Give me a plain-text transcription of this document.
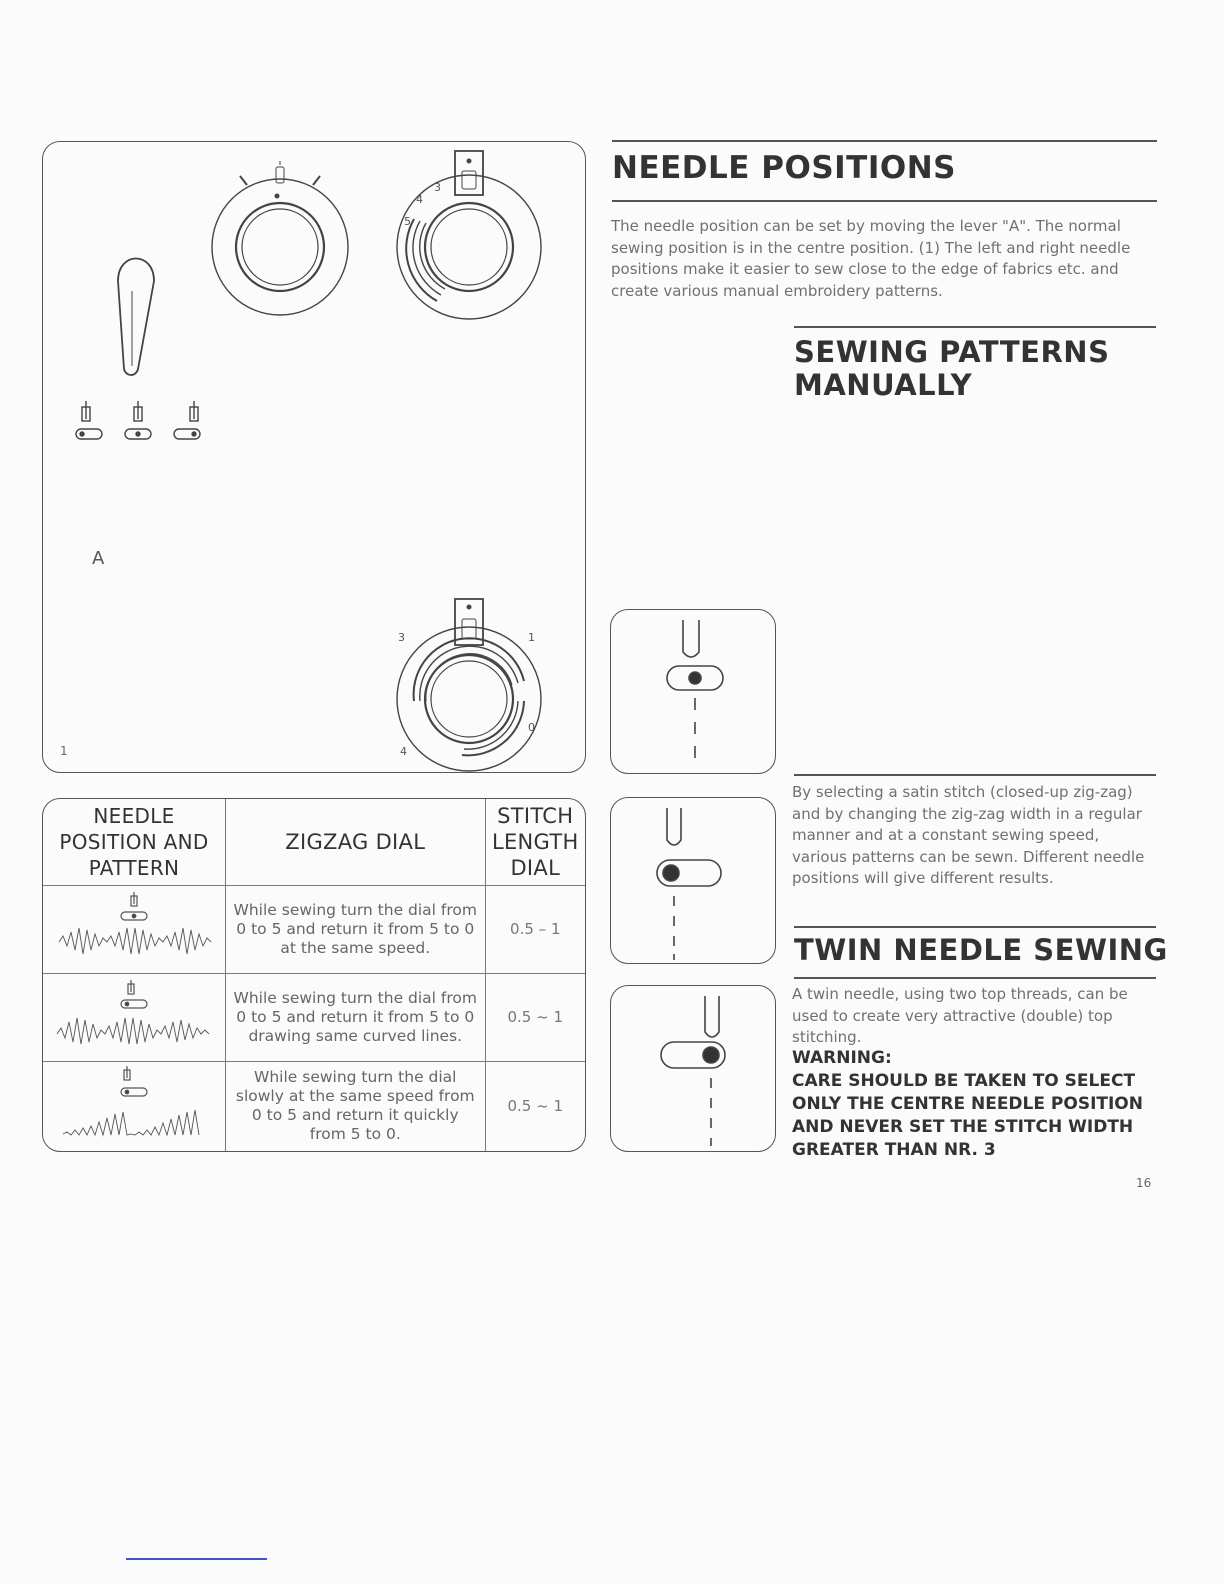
5
4
3
3
4
1
0
A
1
NEEDLE POSITION AND PATTERN	ZIGZAG DIAL	STITCH LENGTH DIAL
	While sewing turn the dial from 0 to 5 and return it from 5 to 0 at the same speed.	0.5 – 1
	While sewing turn the dial from 0 to 5 and return it from 5 to 0 drawing same curved lines.	0.5 ~ 1
	While sewing turn the dial slowly at the same speed from 0 to 5 and return it quickly from 5 to 0.	0.5 ~ 1
NEEDLE POSITIONS
The needle position can be set by moving the lever "A". The normal sewing position is in the centre position. (1) The left and right needle positions make it easier to sew close to the edge of fabrics etc. and create various manual embroidery patterns.
SEWING PATTERNS
MANUALLY
By selecting a satin stitch (closed-up zig-zag) and by changing the zig-zag width in a regular manner and at a constant sewing speed, various patterns can be sewn. Different needle positions will give different results.
TWIN NEEDLE SEWING
A twin needle, using two top threads, can be used to create very attractive (double) top stitching.
WARNING:
CARE SHOULD BE TAKEN TO SELECT ONLY THE CENTRE NEEDLE POSITION AND NEVER SET THE STITCH WIDTH GREATER THAN NR. 3
16
